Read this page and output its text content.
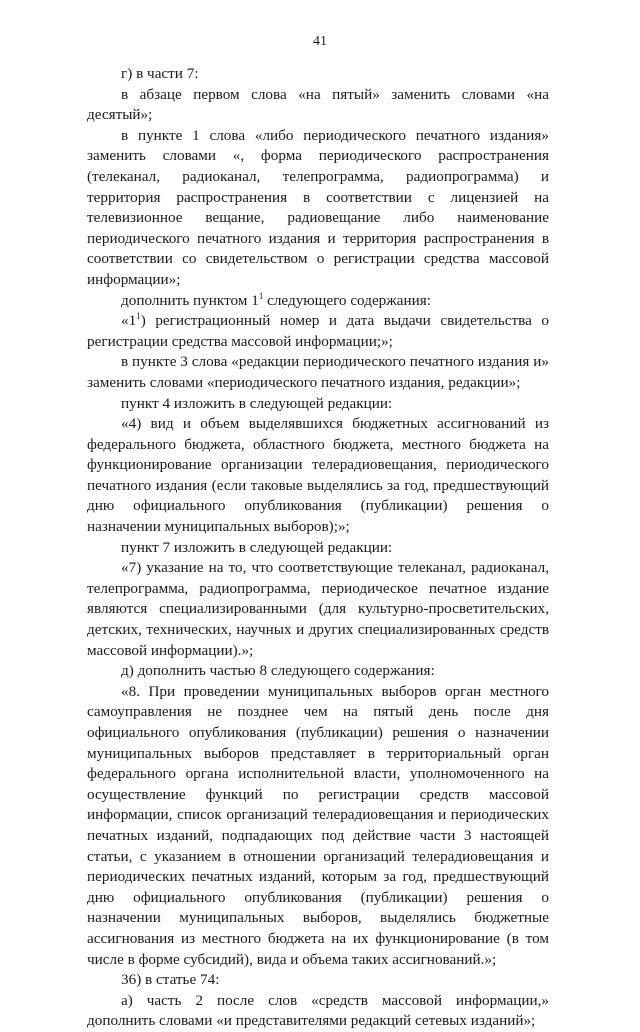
41

г) в части 7:

в абзаце первом слова «на пятый» заменить словами «на десятый»;

в пункте 1 слова «либо периодического печатного издания» заменить словами «, форма периодического распространения (телеканал, радиоканал, телепрограмма, радиопрограмма) и территория распространения в соответствии с лицензией на телевизионное вещание, радиовещание либо наименование периодического печатного издания и территория распространения в соответствии со свидетельством о регистрации средства массовой информации»;

дополнить пунктом $1^1$ следующего содержания:

«$1^1$) регистрационный номер и дата выдачи свидетельства о регистрации средства массовой информации;»;

в пункте 3 слова «редакции периодического печатного издания и» заменить словами «периодического печатного издания, редакции»;

пункт 4 изложить в следующей редакции:

«4) вид и объем выделявшихся бюджетных ассигнований из федерального бюджета, областного бюджета, местного бюджета на функционирование организации телерадиовещания, периодического печатного издания (если таковые выделялись за год, предшествующий дню официального опубликования (публикации) решения о назначении муниципальных выборов);»;

пункт 7 изложить в следующей редакции:

«7) указание на то, что соответствующие телеканал, радиоканал, телепрограмма, радиопрограмма, периодическое печатное издание являются специализированными (для культурно-просветительских, детских, технических, научных и других специализированных средств массовой информации).»;

д) дополнить частью 8 следующего содержания:

«8. При проведении муниципальных выборов орган местного самоуправления не позднее чем на пятый день после дня официального опубликования (публикации) решения о назначении муниципальных выборов представляет в территориальный орган федерального органа исполнительной власти, уполномоченного на осуществление функций по регистрации средств массовой информации, список организаций телерадиовещания и периодических печатных изданий, подпадающих под действие части 3 настоящей статьи, с указанием в отношении организаций телерадиовещания и периодических печатных изданий, которым за год, предшествующий дню официального опубликования (публикации) решения о назначении муниципальных выборов, выделялись бюджетные ассигнования из местного бюджета на их функционирование (в том числе в форме субсидий), вида и объема таких ассигнований.»;

36) в статье 74:

а) часть 2 после слов «средств массовой информации,» дополнить словами «и представителями редакций сетевых изданий»;
